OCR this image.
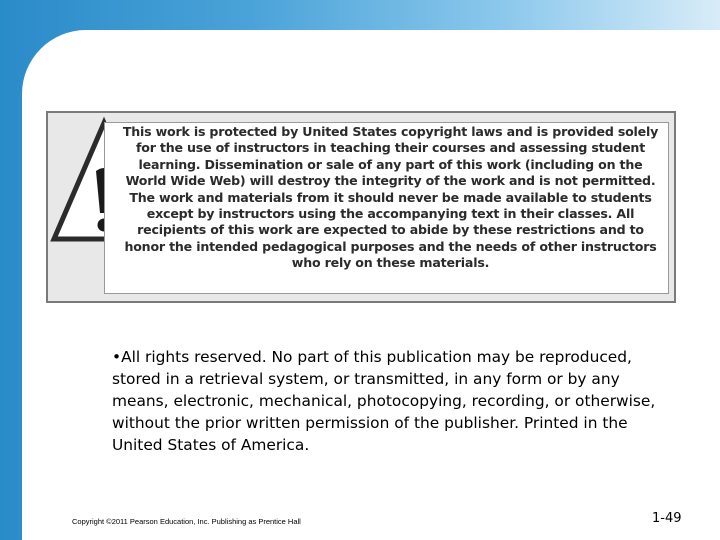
This work is protected by United States copyright laws and is provided solely for the use of instructors in teaching their courses and assessing student learning. Dissemination or sale of any part of this work (including on the World Wide Web) will destroy the integrity of the work and is not permitted. The work and materials from it should never be made available to students except by instructors using the accompanying text in their classes. All recipients of this work are expected to abide by these restrictions and to honor the intended pedagogical purposes and the needs of other instructors who rely on these materials.
•All rights reserved. No part of this publication may be reproduced, stored in a retrieval system, or transmitted, in any form or by any means, electronic, mechanical, photocopying, recording, or otherwise, without the prior written permission of the publisher. Printed in the United States of America.
Copyright ©2011 Pearson Education, Inc. Publishing as Prentice Hall	1-49
